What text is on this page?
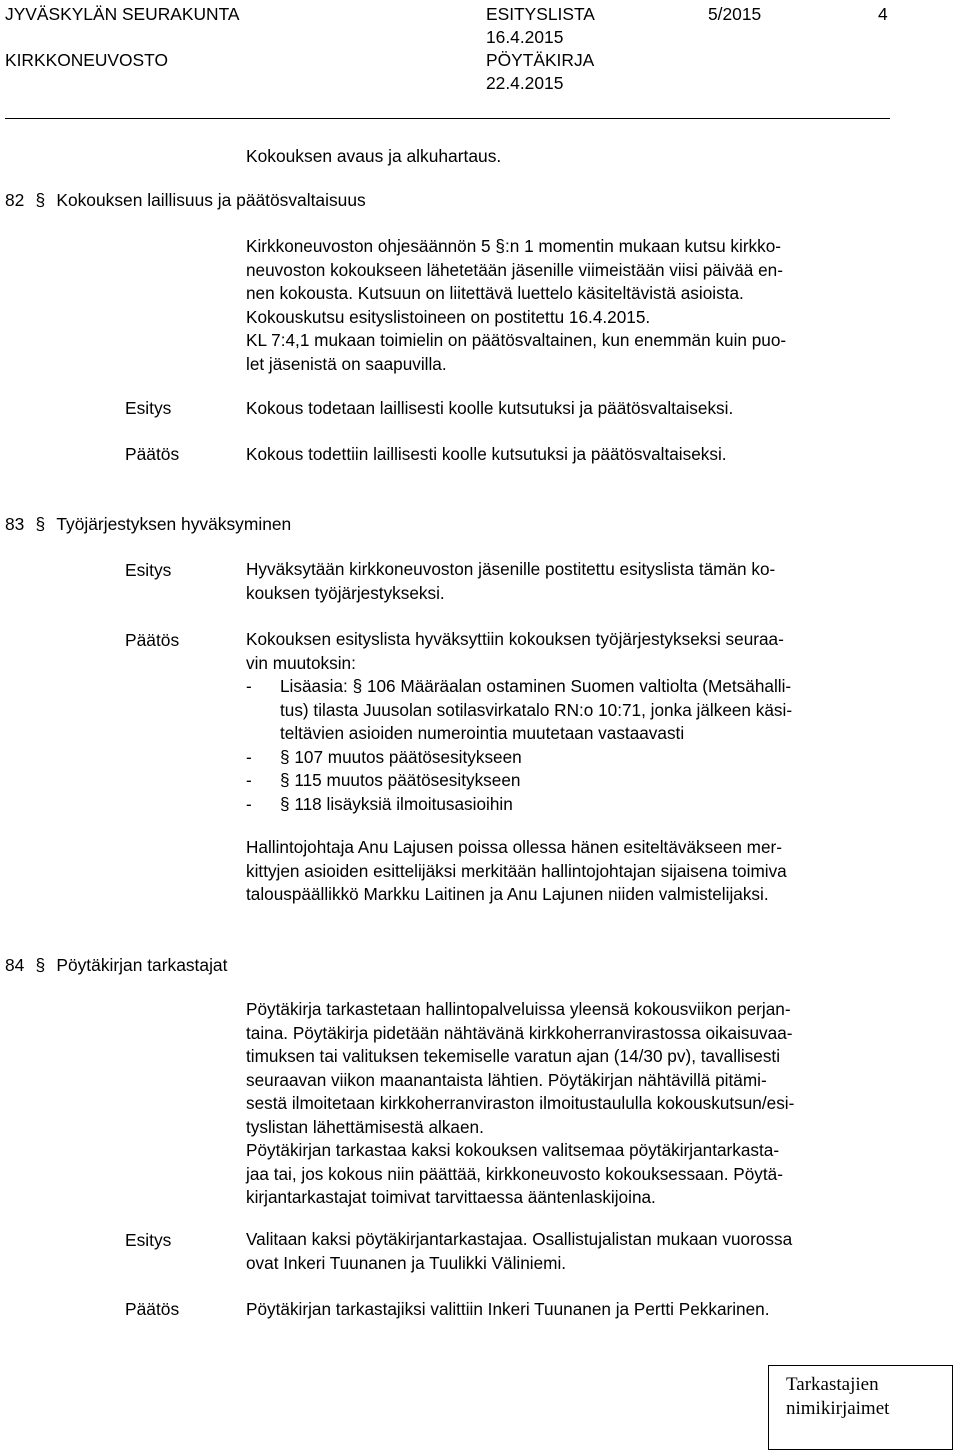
JYVÄSKYLÄN SEURAKUNTA
KIRKKONEUVOSTO
ESITYSLISTA
16.4.2015
PÖYTÄKIRJA
22.4.2015
5/2015	4
Kokouksen avaus ja alkuhartaus.
82 § Kokouksen laillisuus ja päätösvaltaisuus
Kirkkoneuvoston ohjesäännön 5 §:n 1 momentin mukaan kutsu kirkko-
neuvoston kokoukseen lähetetään jäsenille viimeistään viisi päivää en-
nen kokousta. Kutsuun on liitettävä luettelo käsiteltävistä asioista.
Kokouskutsu esityslistoineen on postitettu 16.4.2015.
KL 7:4,1 mukaan toimielin on päätösvaltainen, kun enemmän kuin puo-
let jäsenistä on saapuvilla.
Esitys	Kokous todetaan laillisesti koolle kutsutuksi ja päätösvaltaiseksi.
Päätös	Kokous todettiin laillisesti koolle kutsutuksi ja päätösvaltaiseksi.
83 § Työjärjestyksen hyväksyminen
Esitys	Hyväksytään kirkkoneuvoston jäsenille postitettu esityslista tämän ko-
kouksen työjärjestykseksi.
Päätös	Kokouksen esityslista hyväksyttiin kokouksen työjärjestykseksi seuraa-
vin muutoksin:
- Lisäasia: § 106 Määräalan ostaminen Suomen valtiolta (Metsähalli-
tus) tilasta Juusolan sotilasvirkatalo RN:o 10:71, jonka jälkeen käsi-
teltävien asioiden numerointia muutetaan vastaavasti
- § 107 muutos päätösesitykseen
- § 115 muutos päätösesitykseen
- § 118 lisäyksiä ilmoitusasioihin
Hallintojohtaja Anu Lajusen poissa ollessa hänen esiteltäväkseen mer-
kittyjen asioiden esittelijäksi merkitään hallintojohtajan sijaisena toimiva
talouspäällikkö Markku Laitinen ja Anu Lajunen niiden valmistelijaksi.
84 § Pöytäkirjan tarkastajat
Pöytäkirja tarkastetaan hallintopalveluissa yleensä kokousviikon perjan-
taina. Pöytäkirja pidetään nähtävänä kirkkoherranvirastossa oikaisuvaa-
timuksen tai valituksen tekemiselle varatun ajan (14/30 pv), tavallisesti
seuraavan viikon maanantaista lähtien. Pöytäkirjan nähtävillä pitämi-
sestä ilmoitetaan kirkkoherranviraston ilmoitustaululla kokouskutsun/esi-
tyslistan lähettämisestä alkaen.
Pöytäkirjan tarkastaa kaksi kokouksen valitsemaa pöytäkirjantarkasta-
jaa tai, jos kokous niin päättää, kirkkoneuvosto kokouksessaan. Pöytä-
kirjantarkastajat toimivat tarvittaessa ääntenlaskijoina.
Esitys	Valitaan kaksi pöytäkirjantarkastajaa. Osallistujalistan mukaan vuorossa
ovat Inkeri Tuunanen ja Tuulikki Väliniemi.
Päätös	Pöytäkirjan tarkastajiksi valittiin Inkeri Tuunanen ja Pertti Pekkarinen.
Tarkastajien
nimikirjaimet
